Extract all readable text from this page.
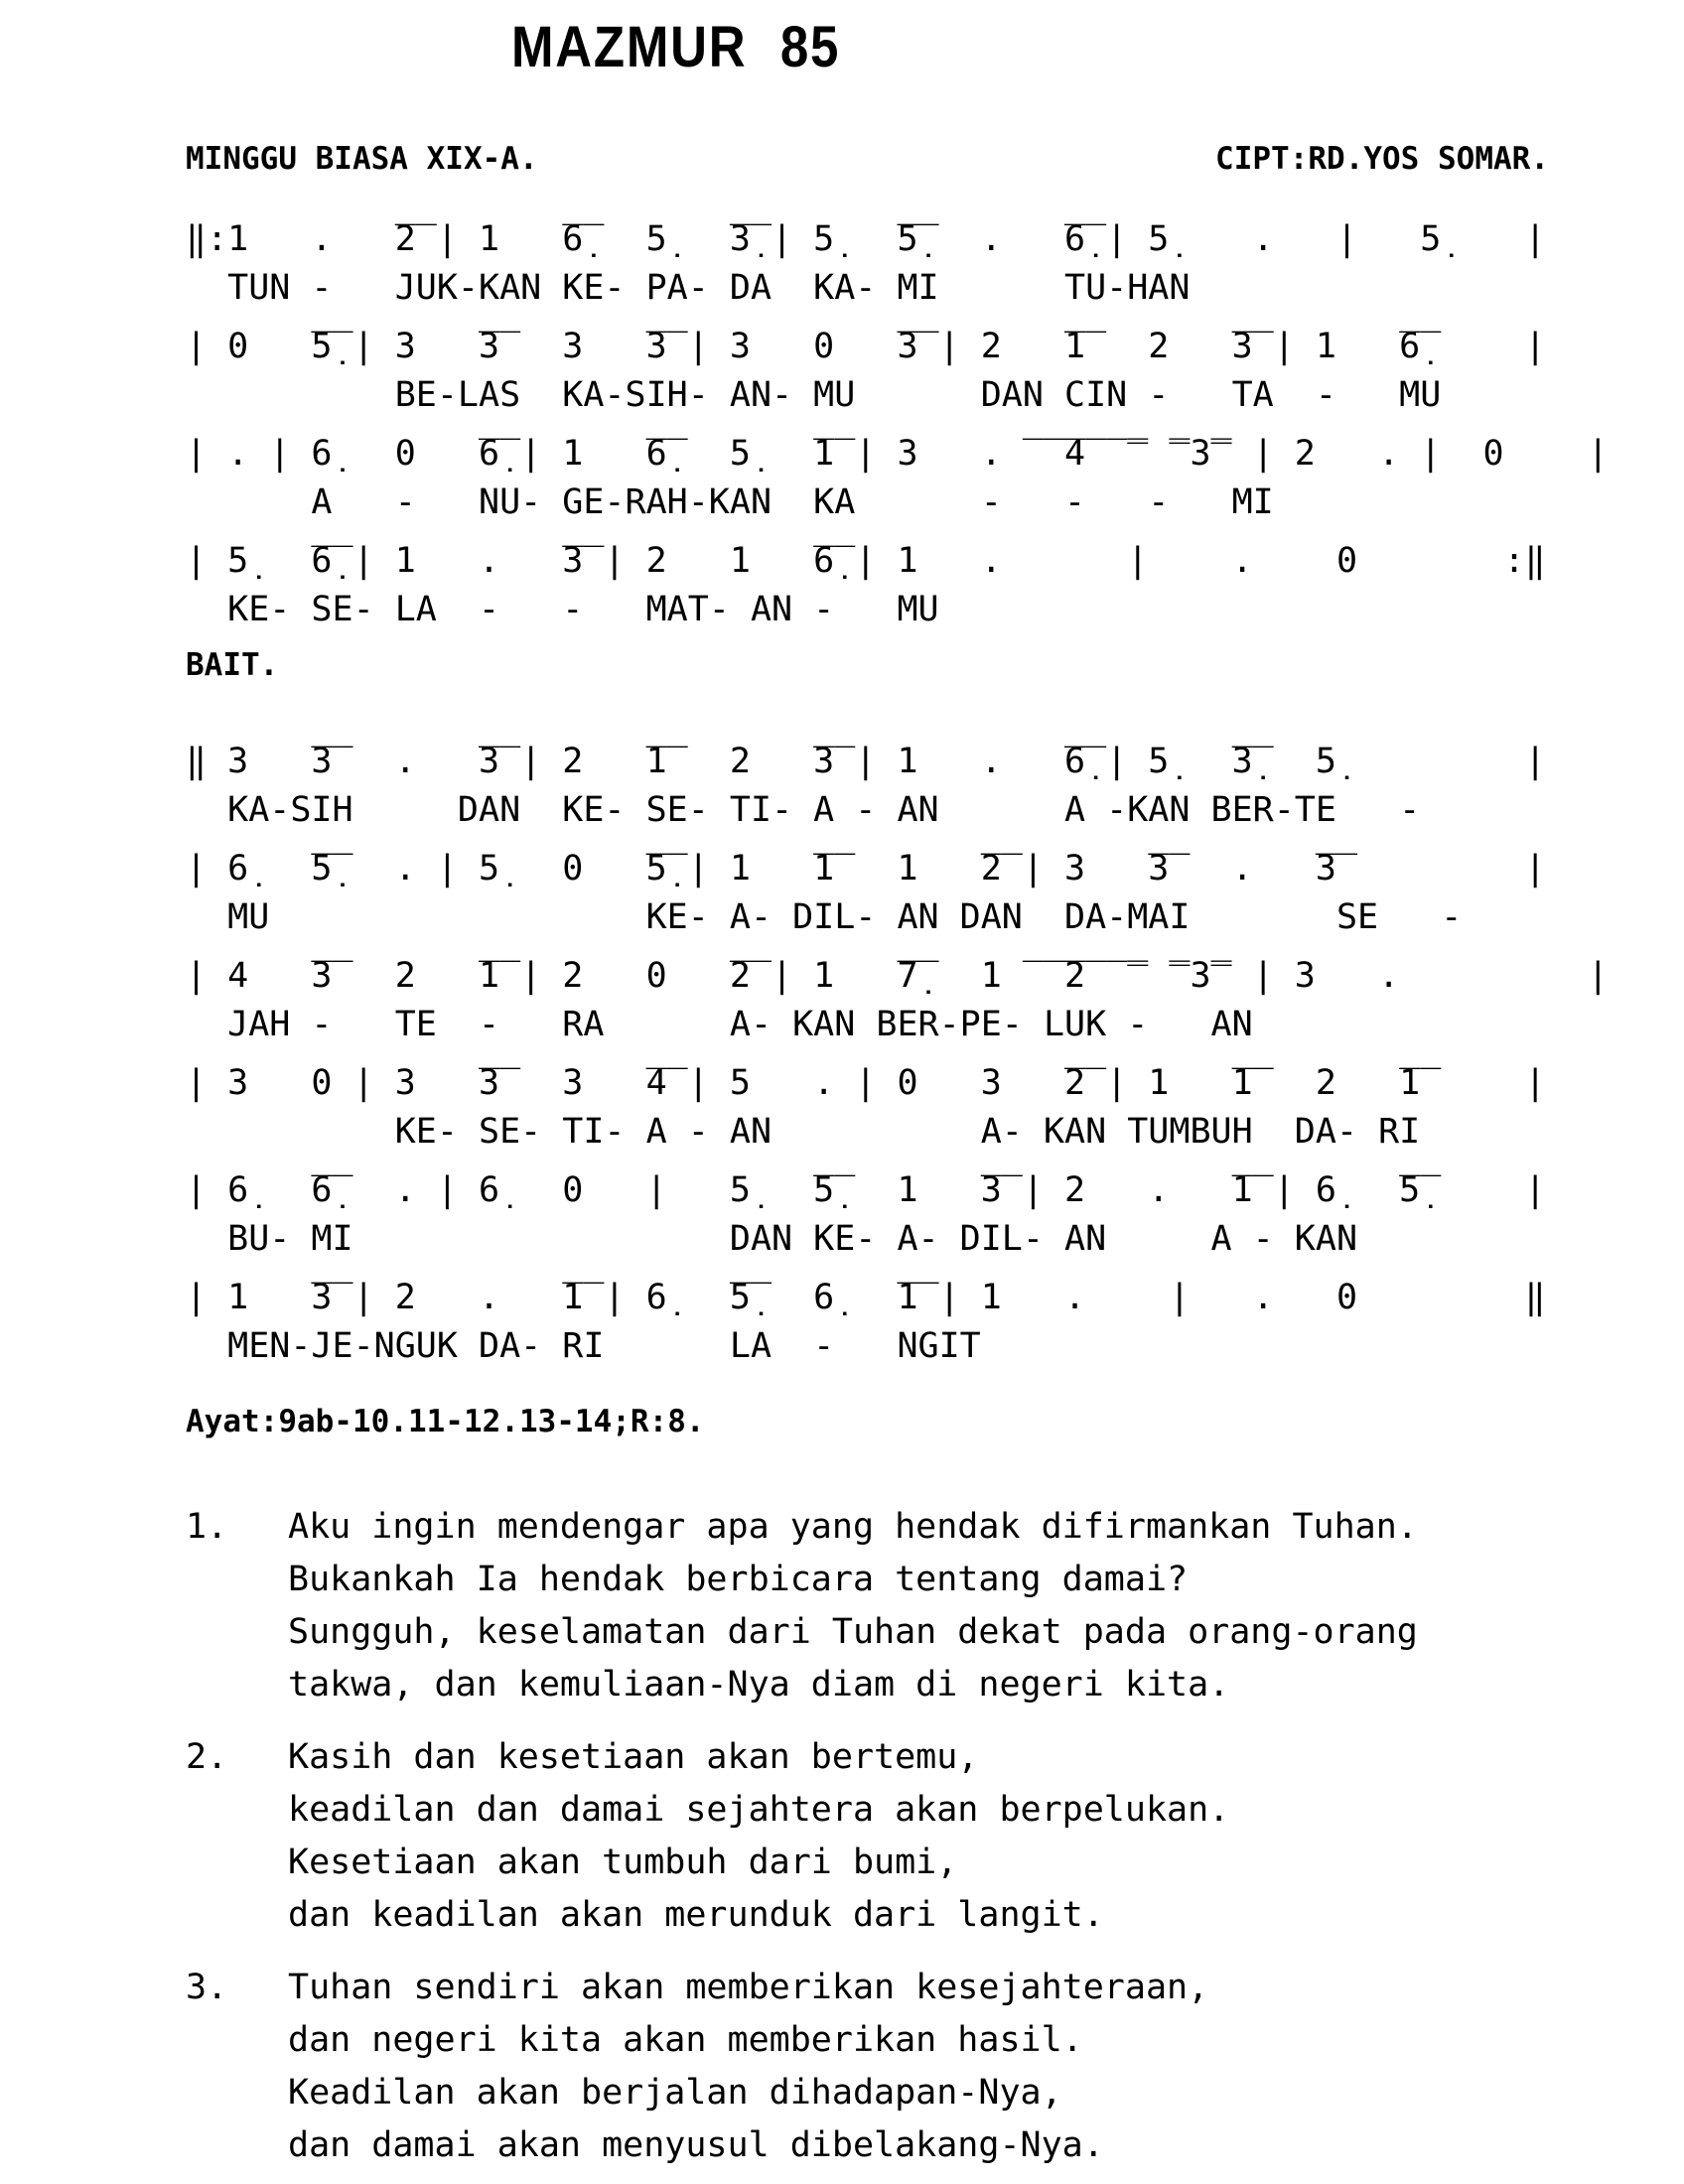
MAZMUR 85
MINGGU BIASA XIX-A.	CIPT:RD.YOS SOMAR.
‖:1   .   ̅2̅ | 1   ̅6̣̅   5̣   ̅3̣̅ | 5̣   ̅5̣̅   .   ̅6̣̅ | 5̣    .   |   5̣    |
TUN -   JUK-KAN KE- PA- DA  KA- MI      TU-HAN
| 0   ̅5̣̅ | 3   ̅3̅   3   ̅3̅ | 3   0   ̅3̅ | 2   ̅1̅   2   ̅3̅ | 1   ̅6̣̅     |
BE-LAS  KA-SIH- AN- MU      DAN CIN -   TA  -   MU
| . | 6̣   0   ̅6̣̅ | 1   ̅6̣̅   5̣   ̅1̅ | 3   . ̅ ̅ ̅4̅ ̅ ̿ ̿3̿ | 2   . |  0    |
A   -   NU- GE-RAH-KAN  KA      -   -   -   MI
| 5̣   ̅6̣̅ | 1   .   ̅3̅ | 2   1   ̅6̣̅ | 1   .      |    .    0       :‖
KE- SE- LA  -   -   MAT- AN -   MU
BAIT.
‖ 3   ̅3̅   .   ̅3̅ | 2   ̅1̅   2   ̅3̅ | 1   .   ̅6̣̅ | 5̣   ̅3̣̅   5̣         |
KA-SIH     DAN  KE- SE- TI- A - AN      A -KAN BER-TE   -
| 6̣   ̅5̣̅   . | 5̣   0   ̅5̣̅ | 1   ̅1̅   1   ̅2̅ | 3   ̅3̅   .   ̅3̅         |
MU                  KE- A- DIL- AN DAN  DA-MAI       SE   -
| 4   ̅3̅   2   ̅1̅ | 2   0   ̅2̅ | 1   ̅7̣̅   1 ̅ ̅ ̅2̅ ̅ ̿ ̿3̿ | 3   .         |
JAH -   TE  -   RA      A- KAN BER-PE- LUK -   AN
| 3   0 | 3   ̅3̅   3   ̅4̅ | 5   . | 0   3   ̅2̅ | 1   ̅1̅   2   ̅1̅     |
KE- SE- TI- A - AN          A- KAN TUMBUH  DA- RI
| 6̣   ̅6̣̅   . | 6̣   0   |   5̣   ̅5̣̅   1   ̅3̅ | 2   .   ̅1̅ | 6̣   ̅5̣̅     |
BU- MI                  DAN KE- A- DIL- AN     A - KAN
| 1   ̅3̅ | 2   .   ̅1̅ | 6̣   ̅5̣̅   6̣   ̅1̅ | 1   .    |   .   0        ‖
MEN-JE-NGUK DA- RI      LA  -   NGIT
Ayat:9ab-10.11-12.13-14;R:8.
1.	Aku ingin mendengar apa yang hendak difirmankan Tuhan.
Bukankah Ia hendak berbicara tentang damai?
Sungguh, keselamatan dari Tuhan dekat pada orang-orang
takwa, dan kemuliaan-Nya diam di negeri kita.
2.	Kasih dan kesetiaan akan bertemu,
keadilan dan damai sejahtera akan berpelukan.
Kesetiaan akan tumbuh dari bumi,
dan keadilan akan merunduk dari langit.
3.	Tuhan sendiri akan memberikan kesejahteraan,
dan negeri kita akan memberikan hasil.
Keadilan akan berjalan dihadapan-Nya,
dan damai akan menyusul dibelakang-Nya.
